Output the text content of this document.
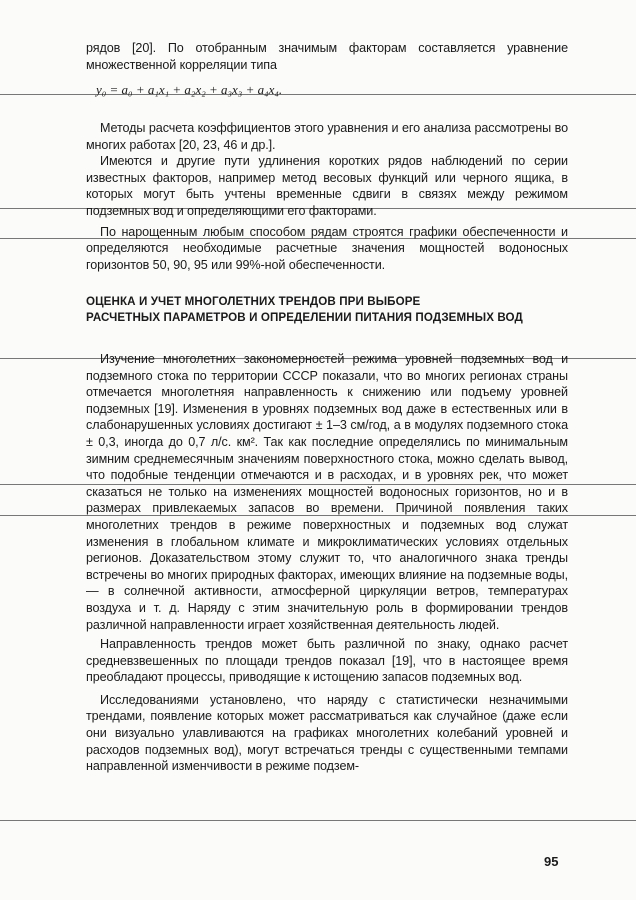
рядов [20]. По отобранным значимым факторам составляется уравнение множественной корреляции типа

y₀ = a₀ + a₁x₁ + a₂x₂ + a₃x₃ + a₄x₄.

Методы расчета коэффициентов этого уравнения и его анализа рассмотрены во многих работах [20, 23, 46 и др.].

Имеются и другие пути удлинения коротких рядов наблюдений по серии известных факторов, например метод весовых функций или черного ящика, в которых могут быть учтены временные сдвиги в связях между режимом подземных вод и определяющими его факторами.

По нарощенным любым способом рядам строятся графики обеспеченности и определяются необходимые расчетные значения мощностей водоносных горизонтов 50, 90, 95 или 99%-ной обеспеченности.

ОЦЕНКА И УЧЕТ МНОГОЛЕТНИХ ТРЕНДОВ ПРИ ВЫБОРЕ
РАСЧЕТНЫХ ПАРАМЕТРОВ И ОПРЕДЕЛЕНИИ ПИТАНИЯ ПОДЗЕМНЫХ ВОД

Изучение многолетних закономерностей режима уровней подземных вод и подземного стока по территории СССР показали, что во многих регионах страны отмечается многолетняя направленность к снижению или подъему уровней подземных [19]. Изменения в уровнях подземных вод даже в естественных или в слабонарушенных условиях достигают ± 1–3 см/год, а в модулях подземного стока ± 0,3, иногда до 0,7 л/с. км². Так как последние определялись по минимальным зимним среднемесячным значениям поверхностного стока, можно сделать вывод, что подобные тенденции отмечаются и в расходах, и в уровнях рек, что может сказаться не только на изменениях мощностей водоносных горизонтов, но и в размерах привлекаемых запасов во времени. Причиной появления таких многолетних трендов в режиме поверхностных и подземных вод служат изменения в глобальном климате и микроклиматических условиях отдельных регионов. Доказательством этому служит то, что аналогичного знака тренды встречены во многих природных факторах, имеющих влияние на подземные воды, — в солнечной активности, атмосферной циркуляции ветров, температурах воздуха и т. д. Наряду с этим значительную роль в формировании трендов различной направленности играет хозяйственная деятельность людей.

Направленность трендов может быть различной по знаку, однако расчет средневзвешенных по площади трендов показал [19], что в настоящее время преобладают процессы, приводящие к истощению запасов подземных вод.

Исследованиями установлено, что наряду с статистически незначимыми трендами, появление которых может рассматриваться как случайное (даже если они визуально улавливаются на графиках многолетних колебаний уровней и расходов подземных вод), могут встречаться тренды с существенными темпами направленной изменчивости в режиме подзем-

95
